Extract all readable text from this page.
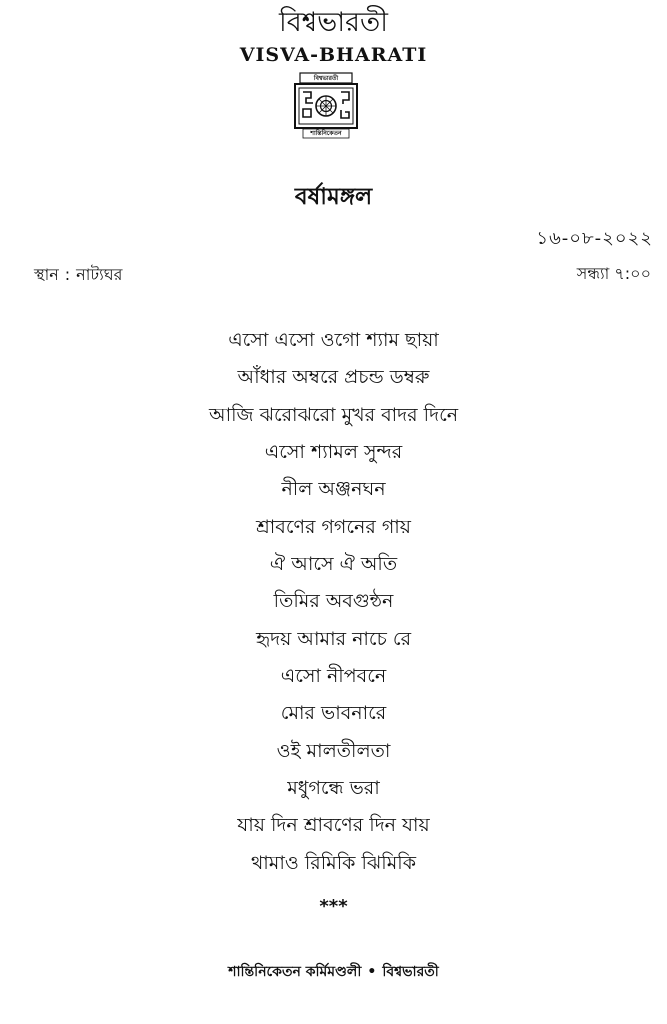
বিশ্বভারতী
VISVA-BHARATI
বিশ্বভারতী
শান্তিনিকেতন
বর্ষামঙ্গল
১৬-০৮-২০২২
স্থান : নাট্যঘর	সন্ধ্যা ৭:০০
এসো এসো ওগো শ্যাম ছায়া
আঁধার অম্বরে প্রচন্ড ডম্বরু
আজি ঝরোঝরো মুখর বাদর দিনে
এসো শ্যামল সুন্দর
নীল অঞ্জনঘন
শ্রাবণের গগনের গায়
ঐ আসে ঐ অতি
তিমির অবগুন্ঠন
হৃদয় আমার নাচে রে
এসো নীপবনে
মোর ভাবনারে
ওই মালতীলতা
মধুগন্ধে ভরা
যায় দিন শ্রাবণের দিন যায়
থামাও রিমিকি ঝিমিকি
***
শান্তিনিকেতন কর্মিমণ্ডলী • বিশ্বভারতী
